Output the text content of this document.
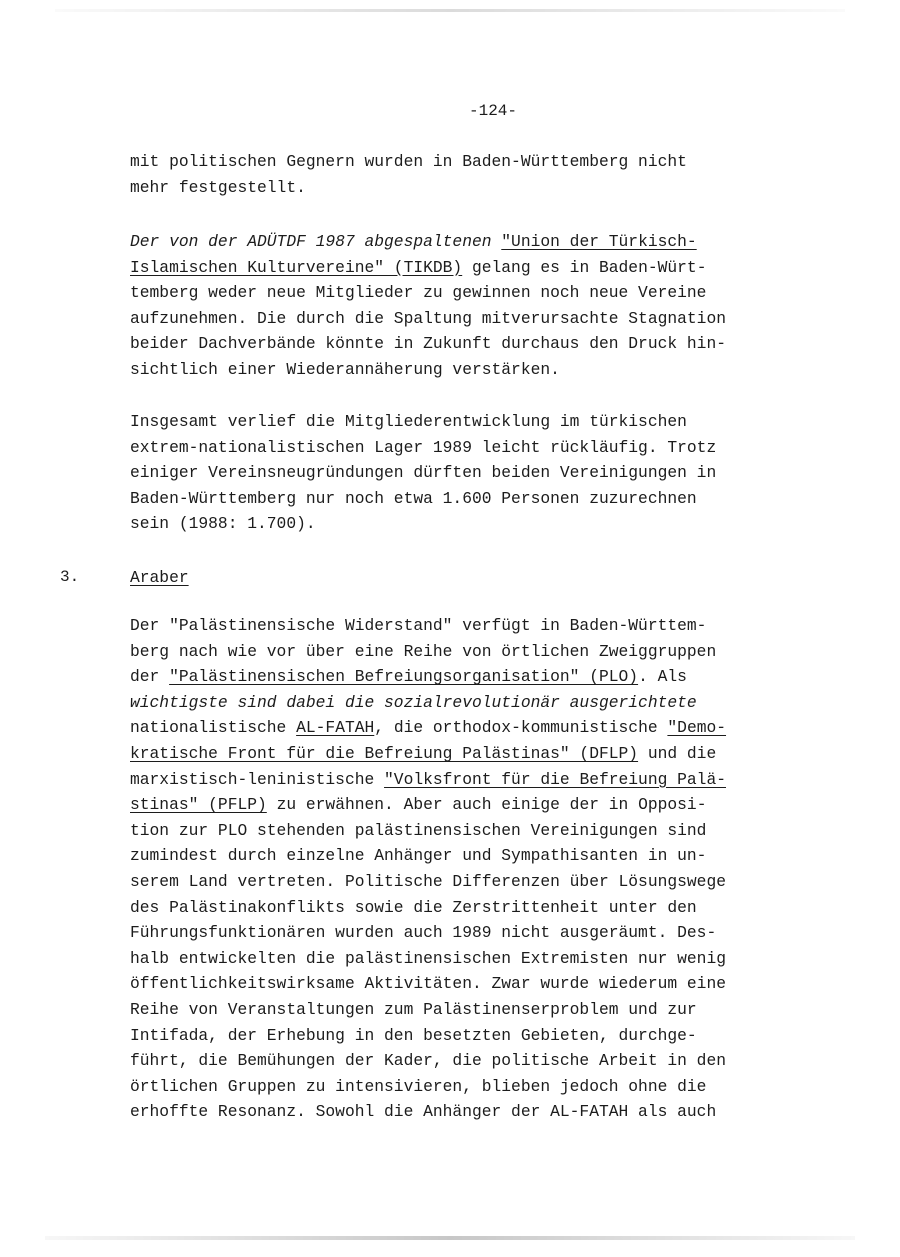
-124-
mit politischen Gegnern wurden in Baden-Württemberg nicht
mehr festgestellt.
Der von der ADÜTDF 1987 abgespaltenen "Union der Türkisch-
Islamischen Kulturvereine" (TIKDB) gelang es in Baden-Würt-
temberg weder neue Mitglieder zu gewinnen noch neue Vereine
aufzunehmen. Die durch die Spaltung mitverursachte Stagnation
beider Dachverbände könnte in Zukunft durchaus den Druck hin-
sichtlich einer Wiederannäherung verstärken.
Insgesamt verlief die Mitgliederentwicklung im türkischen
extrem-nationalistischen Lager 1989 leicht rückläufig. Trotz
einiger Vereinsneugründungen dürften beiden Vereinigungen in
Baden-Württemberg nur noch etwa 1.600 Personen zuzurechnen
sein (1988: 1.700).
3.	Araber
Der "Palästinensische Widerstand" verfügt in Baden-Württem-
berg nach wie vor über eine Reihe von örtlichen Zweiggruppen
der "Palästinensischen Befreiungsorganisation" (PLO). Als
wichtigste sind dabei die sozialrevolutionär ausgerichtete
nationalistische AL-FATAH, die orthodox-kommunistische "Demo-
kratische Front für die Befreiung Palästinas" (DFLP) und die
marxistisch-leninistische "Volksfront für die Befreiung Palä-
stinas" (PFLP) zu erwähnen. Aber auch einige der in Opposi-
tion zur PLO stehenden palästinensischen Vereinigungen sind
zumindest durch einzelne Anhänger und Sympathisanten in un-
serem Land vertreten. Politische Differenzen über Lösungswege
des Palästinakonflikts sowie die Zerstrittenheit unter den
Führungsfunktionären wurden auch 1989 nicht ausgeräumt. Des-
halb entwickelten die palästinensischen Extremisten nur wenig
öffentlichkeitswirksame Aktivitäten. Zwar wurde wiederum eine
Reihe von Veranstaltungen zum Palästinenserproblem und zur
Intifada, der Erhebung in den besetzten Gebieten, durchge-
führt, die Bemühungen der Kader, die politische Arbeit in den
örtlichen Gruppen zu intensivieren, blieben jedoch ohne die
erhoffte Resonanz. Sowohl die Anhänger der AL-FATAH als auch
